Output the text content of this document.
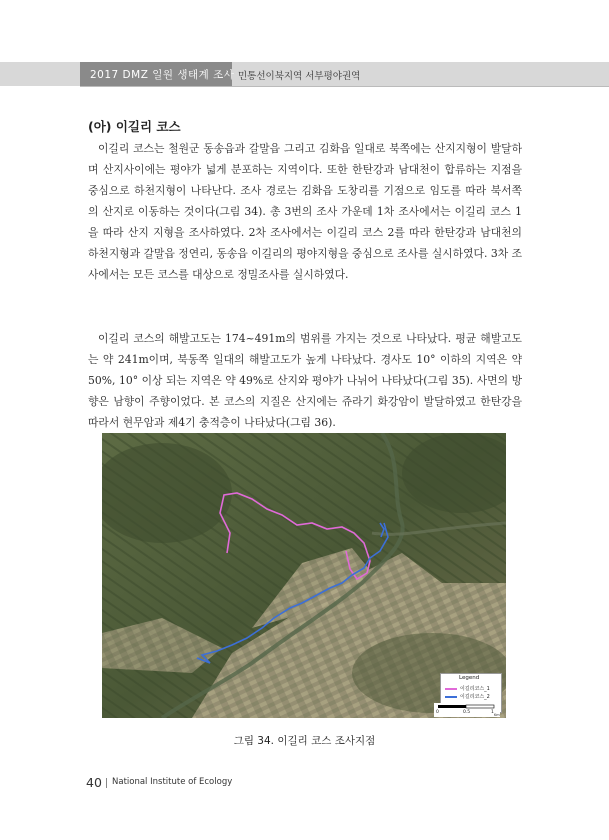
2017 DMZ 일원 생태계 조사 민통선이북지역 서부평야권역
(아) 이길리 코스

이길리 코스는 철원군 동송읍과 갈말읍 그리고 김화읍 일대로 북쪽에는 산지지형이 발달하며 산지사이에는 평야가 넓게 분포하는 지역이다. 또한 한탄강과 남대천이 합류하는 지점을 중심으로 하천지형이 나타난다. 조사 경로는 김화읍 도창리를 기점으로 임도를 따라 북서쪽의 산지로 이동하는 것이다(그림 34). 총 3번의 조사 가운데 1차 조사에서는 이길리 코스 1을 따라 산지 지형을 조사하였다. 2차 조사에서는 이길리 코스 2를 따라 한탄강과 남대천의 하천지형과 갈말읍 정연리, 동송읍 이길리의 평야지형을 중심으로 조사를 실시하였다. 3차 조사에서는 모든 코스를 대상으로 정밀조사를 실시하였다.

이길리 코스의 해발고도는 174~491m의 범위를 가지는 것으로 나타났다. 평균 해발고도는 약 241m이며, 북동쪽 일대의 해발고도가 높게 나타났다. 경사도 10° 이하의 지역은 약 50%, 10° 이상 되는 지역은 약 49%로 산지와 평야가 나뉘어 나타났다(그림 35). 사면의 방향은 남향이 주향이었다. 본 코스의 지질은 산지에는 쥬라기 화강암이 발달하였고 한탄강을 따라서 현무암과 제4기 충적층이 나타났다(그림 36).

Legend
이길리코스_1
이길리코스_2
0	0.5	1 Km
그림 34. 이길리 코스 조사지점
40 National Institute of Ecology
